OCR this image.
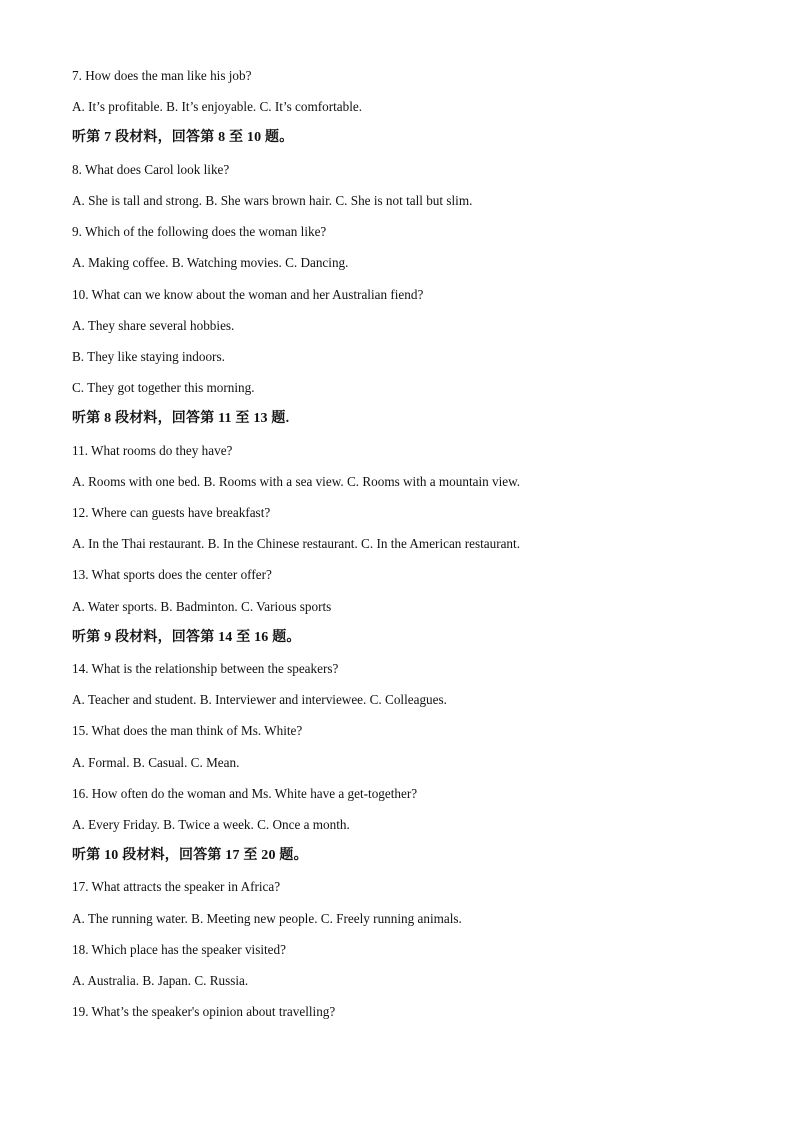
7. How does the man like his job?
A. It’s profitable. B. It’s enjoyable. C. It’s comfortable.
听第 7 段材料，回答第 8 至 10 题。
8. What does Carol look like?
A. She is tall and strong. B. She wars brown hair. C. She is not tall but slim.
9. Which of the following does the woman like?
A. Making coffee. B. Watching movies. C. Dancing.
10. What can we know about the woman and her Australian fiend?
A. They share several hobbies.
B. They like staying indoors.
C. They got together this morning.
听第 8 段材料，回答第 11 至 13 题.
11. What rooms do they have?
A. Rooms with one bed. B. Rooms with a sea view. C. Rooms with a mountain view.
12. Where can guests have breakfast?
A. In the Thai restaurant. B. In the Chinese restaurant. C. In the American restaurant.
13. What sports does the center offer?
A. Water sports. B. Badminton. C. Various sports
听第 9 段材料，回答第 14 至 16 题。
14. What is the relationship between the speakers?
A. Teacher and student. B. Interviewer and interviewee. C. Colleagues.
15. What does the man think of Ms. White?
A. Formal. B. Casual. C. Mean.
16. How often do the woman and Ms. White have a get-together?
A. Every Friday. B. Twice a week. C. Once a month.
听第 10 段材料，回答第 17 至 20 题。
17. What attracts the speaker in Africa?
A. The running water. B. Meeting new people. C. Freely running animals.
18. Which place has the speaker visited?
A. Australia. B. Japan. C. Russia.
19. What’s the speaker's opinion about travelling?
